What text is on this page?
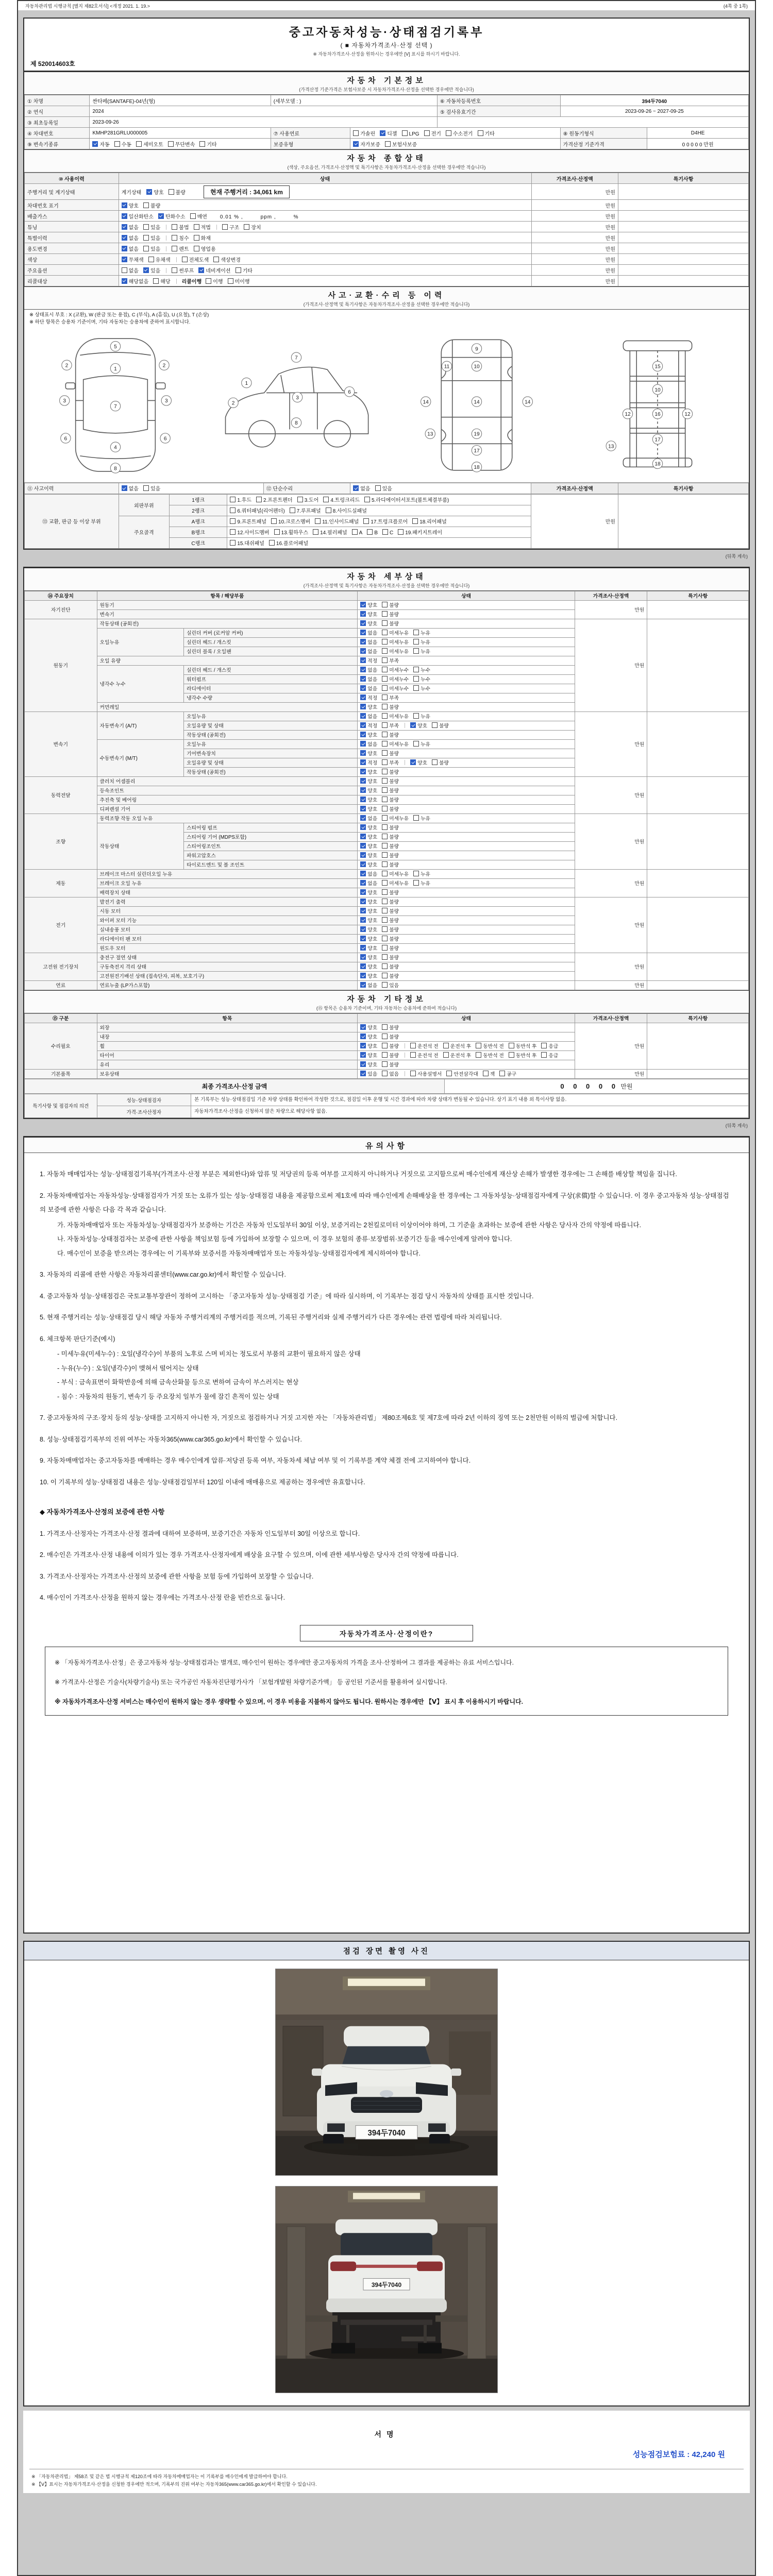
자동차관리법 시행규칙 [별지 제82호서식] <개정 2021. 1. 19.>	(4쪽 중 1쪽)
중고자동차성능·상태점검기록부
( ■ 자동차가격조사·산정 선택 )
※ 자동차가격조사·산정을 원하시는 경우에만 [Ⅴ] 표시를 하시기 바랍니다.
제 520014603호
자동차 기본정보
(가격산정 기준가격은 보험사보증 시 자동차가격조사·산정을 선택한 경우에만 적습니다)
① 차명	싼타페(SANTAFE)-04년(형)	(세부모델 : )		⑥ 자동차등록번호	394두7040	
② 연식	2024			⑤ 검사유효기간	2023-09-26 ~ 2027-09-25	
③ 최초등록일	2023-09-26					
④ 차대번호	KMHP281GRLU000005	⑦ 사용연료	가솔린 디젤 LPG 전기 수소전기 기타		⑧ 원동기형식	D4HE
⑨ 변속기종류	자동 수동 세미오토 무단변속 기타	보증유형	자가보증 보험사보증		가격산정 기준가격	0 0 0 0 0 만원
자동차 종합상태
(색상, 주요옵션, 가격조사·산정액 및 특기사항은 자동차가격조사·산정을 선택한 경우에만 적습니다)
⑩ 사용이력	상태	가격조사·산정액	특기사항
주행거리 및 계기상태	계기상태 양호 불량 현재 주행거리 : 34,061 km	만원	
차대번호 표기	양호 불량	만원	
배출가스	일산화탄소 탄화수소 매연 0.01 % ,         ppm ,         %	만원	
튜닝	없음 있음 불법 적법 구조 장치	만원	
특별이력	없음 있음 침수 화재	만원	
용도변경	없음 있음 렌트 영업용	만원	
색상	무채색 유채색 전체도색 색상변경	만원	
주요옵션	없음 있음 썬루프 네비게이션 기타	만원	
리콜대상	해당없음 해당 리콜이행 이행 미이행	만원	
사고·교환·수리 등 이력
(가격조사·산정액 및 특기사항은 자동차가격조사·산정을 선택한 경우에만 적습니다)
※ 상태표시 부호 : X (교환), W (판금 또는 용접), C (부식), A (흠집), U (요철), T (손상)
※ 하단 항목은 승용차 기준이며, 기타 자동차는 승용차에 준하여 표시합니다.
5
1
2	2
7
3	3
6	6
4
8
1
2
3
6
7
8
9
10
11
14	14	14
13	19
17
18
15
10
12	12
16
13
17
18
⑪ 사고이력	없음 있음	⑫ 단순수리	없음 있음	가격조사·산정액	특기사항
⑬ 교환, 판금 등 이상 부위	외판부위	1랭크	1.후드 2.프론트펜더 3.도어 4.트렁크리드 5.라디에이터서포트(볼트체결부품)	만원	
		2랭크	6.쿼터패널(리어펜더) 7.루프패널 8.사이드실패널		
	주요골격	A랭크	9.프론트패널 10.크로스멤버 11.인사이드패널 17.트렁크플로어 18.리어패널		
		B랭크	12.사이드멤버 13.휠하우스 14.필러패널 A B C 19.패키지트레이		
		C랭크	15.대쉬패널 16.플로어패널		
(뒤쪽 계속)
자동차 세부상태
(가격조사·산정액 및 특기사항은 자동차가격조사·산정을 선택한 경우에만 적습니다)
⑭ 주요장치	항목 / 해당부품		상태	가격조사·산정액	특기사항
자기진단	원동기		양호 불량	만원	
	변속기		양호 불량		
원동기	작동상태 (공회전)		양호 불량	만원	
	오일누유	실린더 커버 (로커암 커버)	없음 미세누유 누유		
		실린더 헤드 / 개스킷	없음 미세누유 누유		
		실린더 블록 / 오일팬	없음 미세누유 누유		
	오일 유량		적정 부족		
	냉각수 누수	실린더 헤드 / 개스킷	없음 미세누수 누수		
		워터펌프	없음 미세누수 누수		
		라디에이터	없음 미세누수 누수		
		냉각수 수량	적정 부족		
	커먼레일		양호 불량		
변속기	자동변속기 (A/T)	오일누유	없음 미세누유 누유	만원	
		오일유량 및 상태	적정 부족 양호 불량		
		작동상태 (공회전)	양호 불량		
	수동변속기 (M/T)	오일누유	없음 미세누유 누유		
		기어변속장치	양호 불량		
		오일유량 및 상태	적정 부족 양호 불량		
		작동상태 (공회전)	양호 불량		
동력전달	클러치 어셈블리		양호 불량	만원	
	등속조인트		양호 불량		
	추진축 및 베어링		양호 불량		
	디퍼렌셜 기어		양호 불량		
조향	동력조향 작동 오일 누유		없음 미세누유 누유	만원	
	작동상태	스티어링 펌프	양호 불량		
		스티어링 기어 (MDPS포함)	양호 불량		
		스티어링조인트	양호 불량		
		파워고압호스	양호 불량		
		타이로드엔드 및 볼 조인트	양호 불량		
제동	브레이크 마스터 실린더오일 누유		없음 미세누유 누유	만원	
	브레이크 오일 누유		없음 미세누유 누유		
	배력장치 상태		양호 불량		
전기	발전기 출력		양호 불량	만원	
	시동 모터		양호 불량		
	와이퍼 모터 기능		양호 불량		
	실내송풍 모터		양호 불량		
	라디에이터 팬 모터		양호 불량		
	윈도우 모터		양호 불량		
고전원 전기장치	충전구 절연 상태		양호 불량	만원	
	구동축전지 격리 상태		양호 불량		
	고전원전기배선 상태 (접속단자, 피복, 보호기구)		양호 불량		
연료	연료누출 (LP가스포함)		없음 있음	만원	
자동차 기타정보
(⑮ 항목은 승용차 기준이며, 기타 자동차는 승용차에 준하여 적습니다)
⑮ 구분	항목	상태	가격조사·산정액	특기사항
수리필요	외장	양호 불량	만원	
	내장	양호 불량		
	휠	양호 불량 운전석 전 운전석 후 동반석 전 동반석 후 응급		
	타이어	양호 불량 운전석 전 운전석 후 동반석 전 동반석 후 응급		
	유리	양호 불량		
기본품목	보유상태	있음 없음 사용설명서 안전삼각대 잭 공구	만원	
최종 가격조사·산정 금액	0 0 0 0 0 만원
특기사항 및 점검자의 의견	성능·상태점검자	본 기록부는 성능·상태점검일 기준 차량 상태를 확인하여 작성한 것으로, 점검일 이후 운행 및 시간 경과에 따라 차량 상태가 변동될 수 있습니다. 상기 표기 내용 외 특이사항 없음.
	가격·조사산정자	자동차가격조사·산정을 신청하지 않은 차량으로 해당사항 없음.
(뒤쪽 계속)
유의사항
1. 자동차 매매업자는 성능·상태점검기록부(가격조사·산정 부분은 제외한다)와 압류 및 저당권의 등록 여부를 고지하지 아니하거나 거짓으로 고지함으로써 매수인에게 재산상 손해가 발생한 경우에는 그 손해를 배상할 책임을 집니다.
2. 자동차매매업자는 자동차성능·상태점검자가 거짓 또는 오류가 있는 성능·상태점검 내용을 제공함으로써 제1호에 따라 매수인에게 손해배상을 한 경우에는 그 자동차성능·상태점검자에게 구상(求償)할 수 있습니다. 이 경우 중고자동차 성능·상태점검의 보증에 관한 사항은 다음 각 목과 같습니다.
가. 자동차매매업자 또는 자동차성능·상태점검자가 보증하는 기간은 자동차 인도일부터 30일 이상, 보증거리는 2천킬로미터 이상이어야 하며, 그 기준을 초과하는 보증에 관한 사항은 당사자 간의 약정에 따릅니다.
나. 자동차성능·상태점검자는 보증에 관한 사항을 책임보험 등에 가입하여 보장할 수 있으며, 이 경우 보험의 종류·보장범위·보증기간 등을 매수인에게 알려야 합니다.
다. 매수인이 보증을 받으려는 경우에는 이 기록부와 보증서를 자동차매매업자 또는 자동차성능·상태점검자에게 제시하여야 합니다.
3. 자동차의 리콜에 관한 사항은 자동차리콜센터(www.car.go.kr)에서 확인할 수 있습니다.
4. 중고자동차 성능·상태점검은 국토교통부장관이 정하여 고시하는 「중고자동차 성능·상태점검 기준」에 따라 실시하며, 이 기록부는 점검 당시 자동차의 상태를 표시한 것입니다.
5. 현재 주행거리는 성능·상태점검 당시 해당 자동차 주행거리계의 주행거리를 적으며, 기록된 주행거리와 실제 주행거리가 다른 경우에는 관련 법령에 따라 처리됩니다.
6. 체크항목 판단기준(예시)
- 미세누유(미세누수) : 오일(냉각수)이 부품의 노후로 스며 비치는 정도로서 부품의 교환이 필요하지 않은 상태
- 누유(누수) : 오일(냉각수)이 맺혀서 떨어지는 상태
- 부식 : 금속표면이 화학반응에 의해 금속산화물 등으로 변하여 금속이 부스러지는 현상
- 침수 : 자동차의 원동기, 변속기 등 주요장치 일부가 물에 잠긴 흔적이 있는 상태
7. 중고자동차의 구조·장치 등의 성능·상태를 고지하지 아니한 자, 거짓으로 점검하거나 거짓 고지한 자는 「자동차관리법」 제80조제6호 및 제7호에 따라 2년 이하의 징역 또는 2천만원 이하의 벌금에 처합니다.
8. 성능·상태점검기록부의 진위 여부는 자동차365(www.car365.go.kr)에서 확인할 수 있습니다.
9. 자동차매매업자는 중고자동차를 매매하는 경우 매수인에게 압류·저당권 등록 여부, 자동차세 체납 여부 및 이 기록부를 계약 체결 전에 고지하여야 합니다.
10. 이 기록부의 성능·상태점검 내용은 성능·상태점검일부터 120일 이내에 매매용으로 제공하는 경우에만 유효합니다.
◆ 자동차가격조사·산정의 보증에 관한 사항
1. 가격조사·산정자는 가격조사·산정 결과에 대하여 보증하며, 보증기간은 자동차 인도일부터 30일 이상으로 합니다.
2. 매수인은 가격조사·산정 내용에 이의가 있는 경우 가격조사·산정자에게 배상을 요구할 수 있으며, 이에 관한 세부사항은 당사자 간의 약정에 따릅니다.
3. 가격조사·산정자는 가격조사·산정의 보증에 관한 사항을 보험 등에 가입하여 보장할 수 있습니다.
4. 매수인이 가격조사·산정을 원하지 않는 경우에는 가격조사·산정 란을 빈칸으로 둡니다.
자동차가격조사·산정이란?
※ 「자동차가격조사·산정」은 중고자동차 성능·상태점검과는 별개로, 매수인이 원하는 경우에만 중고자동차의 가격을 조사·산정하여 그 결과를 제공하는 유료 서비스입니다.
※ 가격조사·산정은 기술사(차량기술사) 또는 국가공인 자동차진단평가사가 「보험개발원 차량기준가액」 등 공인된 기준서를 활용하여 실시합니다.
※ 자동차가격조사·산정 서비스는 매수인이 원하지 않는 경우 생략할 수 있으며, 이 경우 비용을 지불하지 않아도 됩니다. 원하시는 경우에만 【Ⅴ】 표시 후 이용하시기 바랍니다.
점검 장면 촬영 사진
394두7040
394두7040
서명
성능점검보험료 : 42,240 원
※ 「자동차관리법」 제58조 및 같은 법 시행규칙 제120조에 따라 자동차매매업자는 이 기록부를 매수인에게 발급하여야 합니다.
※ 【Ⅴ】표시는 자동차가격조사·산정을 신청한 경우에만 적으며, 기록부의 진위 여부는 자동차365(www.car365.go.kr)에서 확인할 수 있습니다.
